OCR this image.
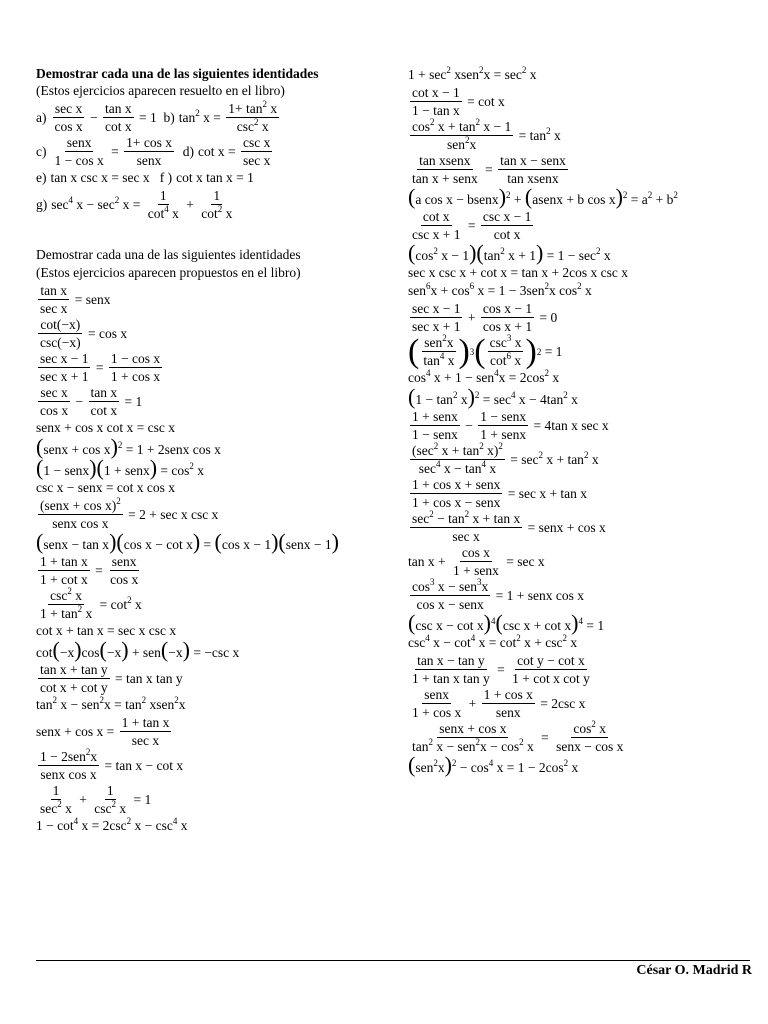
Demostrar cada una de las siguientes identidades
(Estos ejercicios aparecen resuelto en el libro)
$a) \frac{\text{sec x}}{\text{cos x}} - \frac{\text{tan x}}{\text{cot x}} = 1$ b) $\tan^2 x = \frac{1+ \tan^2 x}{\csc^2 x}$
$c) \frac{\text{senx}}{\text{1 − cos x}} = \frac{\text{1+ cos x}}{\text{senx}}$
d) $\cot x = \frac{\text{csc x}}{\text{sec x}}$
e) tan x csc x = sec x f ) cot x tan x = 1
g) $\sec^4 x - \sec^2 x = \frac{1}{\cot^4 x} + \frac{1}{\cot^2 x}$
Demostrar cada una de las siguientes identidades
(Estos ejercicios aparecen propuestos en el libro)
$\frac{\text{tan x}}{\text{sec x}}$ = senx
$\frac{\cot(-x)}{\csc(-x)} = \cos x$
$\frac{\text{sec x − 1}}{\text{sec x + 1}} = \frac{\text{1 − cos x}}{\text{1 + cos x}}$
$\frac{\text{sec x}}{\text{cos x}} - \frac{\text{tan x}}{\text{cot x}} = 1$
senx + cos x cot x = csc x
(senx + cos x)$^2$ = 1 + 2senx cos x
(1 − senx)(1 + senx) = $\cos^2 x$
csc x − senx = cot x cos x
$\frac{(senx + \cos x)^2}{\text{senx cos x}} = 2 + \sec x$ csc x
(senx − tan x)(cos x − cot x) = (cos x − 1)(senx − 1)
$\frac{\text{1 + tan x}}{\text{1 + cot x}} = \frac{\text{senx}}{\text{cos x}}$
$\frac{\csc^2 x}{1 + \tan^2 x} = \cot^2 x$
cot x + tan x = sec x csc x
cot(−x)cos(−x) + sen(−x) = −csc x
$\frac{\text{tan x + tan y}}{\text{cot x + cot y}} = \tan x$ tan y
$\tan^2 x - sen^2x = \tan^2$ xsen$^2$x
senx + $\cos x = \frac{\text{1 + tan x}}{\text{sec x}}$
$\frac{1 - 2sen^2x}{\text{senx cos x}} = \tan x - \cot x$
$\frac{1}{\sec^2 x} + \frac{1}{\csc^2 x} = 1$
$1 - \cot^4 x = 2\csc^2$ $x - \csc^4 x$
$1 + \sec^2$ xsen$^2$x = $\sec^2 x$
$\frac{\text{cot x − 1}}{\text{1 − tan x}} = \cot x$
$\frac{\cos^2 x + \tan^2 x - 1}{sen^2x} = \tan^2 x$
$\frac{\text{tan xsenx}}{\text{tan x + senx}} = \frac{\text{tan x − senx}}{\text{tan xsenx}}$
(a cos x − bsenx)$^2$ + (asenx + b $\cos x)^2 = a^2 + b^2$
$\frac{\text{cot x}}{\text{csc x + 1}} = \frac{\text{csc x − 1}}{\text{cot x}}$
($\cos^2$ $x - 1)(\tan^2$ $x + 1) = 1 - \sec^2 x$
sec x csc x + cot x = tan x + 2cos x csc x
$sen^6x + \cos^6 x = 1 - 3sen^2x$ $\cos^2 x$
$\frac{\text{sec x − 1}}{\text{sec x + 1}} + \frac{\text{cos x − 1}}{\text{cos x + 1}} = 0$
( $\frac{sen^2x}{\tan^4 x}$ ) 3 ( $\frac{\csc^3 x}{\cot^6 x}$ ) 2 = 1
$\cos^4 x + 1 - sen^4x = 2\cos^2$ x
$(1 - \tan^2 x)^2 = \sec^4 x - 4\tan^2$ x
$\frac{\text{1 + senx}}{\text{1 − senx}} - \frac{\text{1 − senx}}{\text{1 + senx}} = 4\tan$ x sec x
$\frac{(\sec^2 x + \tan^2 x)^2}{\sec^4 x - \tan^4 x} = \sec^2 x + \tan^2 x$
$\frac{\text{1 + cos x + senx}}{\text{1 + cos x − senx}} = \sec x + \tan x$
$\frac{\sec^2 - \tan^2 x + \tan x}{\text{sec x}}$ = senx + cos x
$\tan x + \frac{\text{cos x}}{\text{1 + senx}} = \sec x$
$\frac{\cos^3 x - sen^3x}{\text{cos x − senx}} = 1$ + senx cos x
(csc x − cot x)$^4$(csc x + cot x)$^4$ = 1
$\csc^4 x - \cot^4 x = \cot^2 x + \csc^2 x$
$\frac{\text{tan x − tan y}}{\text{1 + tan x tan y}} = \frac{\text{cot y − cot x}}{\text{1 + cot x cot y}}$
$\frac{\text{senx}}{\text{1 + cos x}} + \frac{\text{1 + cos x}}{\text{senx}} = 2\csc$ x
$\frac{\text{senx + cos x}}{\tan^2 x - sen^2x - \cos^2 x} = \frac{\cos^2 x}{\text{senx − cos x}}$
$(sen^2x)^2 - \cos^4 x = 1 - 2\cos^2$ x
César O. Madrid R
